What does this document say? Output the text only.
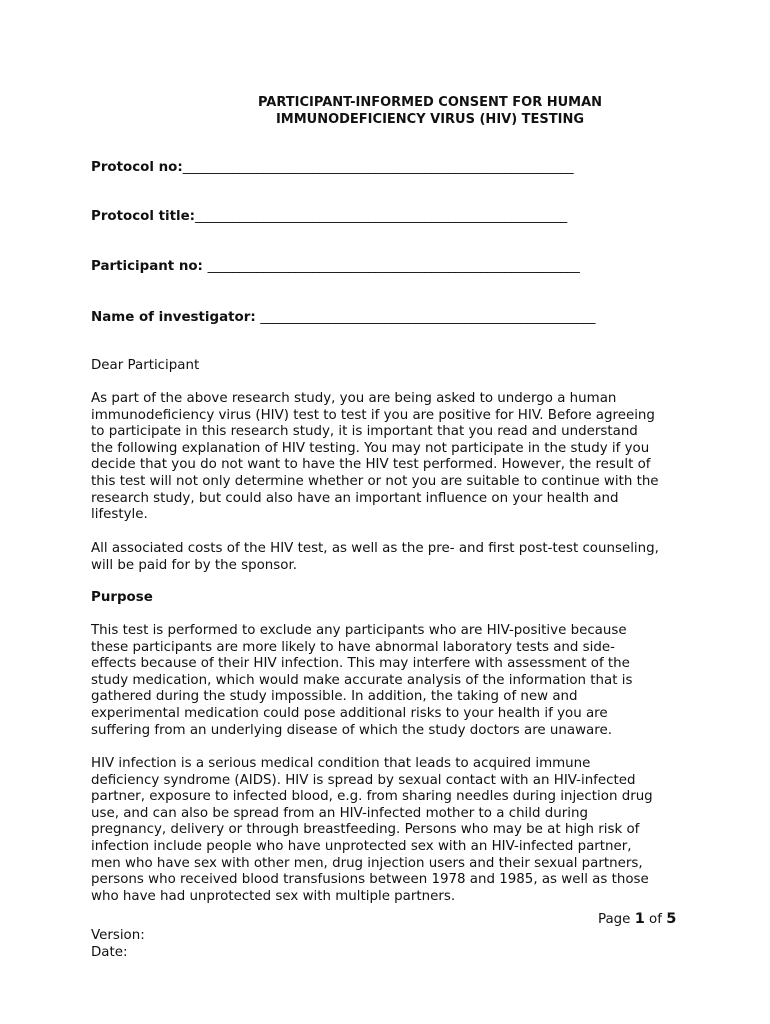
PARTICIPANT-INFORMED CONSENT FOR HUMAN
IMMUNODEFICIENCY VIRUS (HIV) TESTING
Protocol no:_______________________________________________________________
Protocol title:____________________________________________________________
Participant no: ____________________________________________________________
Name of investigator: ______________________________________________________
Dear Participant
As part of the above research study, you are being asked to undergo a human
immunodeficiency virus (HIV) test to test if you are positive for HIV. Before agreeing
to participate in this research study, it is important that you read and understand
the following explanation of HIV testing. You may not participate in the study if you
decide that you do not want to have the HIV test performed. However, the result of
this test will not only determine whether or not you are suitable to continue with the
research study, but could also have an important influence on your health and
lifestyle.
All associated costs of the HIV test, as well as the pre- and first post-test counseling,
will be paid for by the sponsor.
Purpose
This test is performed to exclude any participants who are HIV-positive because
these participants are more likely to have abnormal laboratory tests and side-
effects because of their HIV infection. This may interfere with assessment of the
study medication, which would make accurate analysis of the information that is
gathered during the study impossible. In addition, the taking of new and
experimental medication could pose additional risks to your health if you are
suffering from an underlying disease of which the study doctors are unaware.
HIV infection is a serious medical condition that leads to acquired immune
deficiency syndrome (AIDS). HIV is spread by sexual contact with an HIV-infected
partner, exposure to infected blood, e.g. from sharing needles during injection drug
use, and can also be spread from an HIV-infected mother to a child during
pregnancy, delivery or through breastfeeding. Persons who may be at high risk of
infection include people who have unprotected sex with an HIV-infected partner,
men who have sex with other men, drug injection users and their sexual partners,
persons who received blood transfusions between 1978 and 1985, as well as those
who have had unprotected sex with multiple partners.
Page 1 of 5
Version:
Date:
